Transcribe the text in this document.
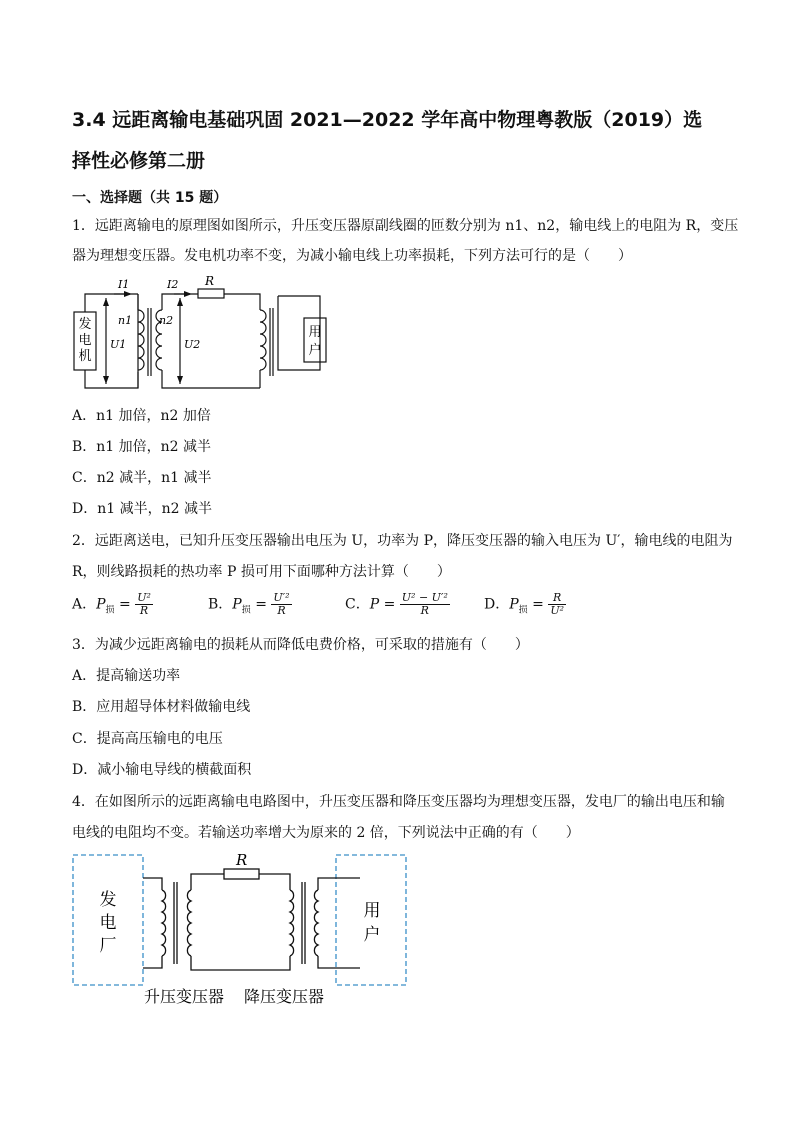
3.4 远距离输电基础巩固 2021—2022 学年高中物理粤教版（2019）选
择性必修第二册
一、选择题（共 15 题）
1．远距离输电的原理图如图所示，升压变压器原副线圈的匝数分别为 n1、n2，输电线上的电阻为 R，变压
器为理想变压器。发电机功率不变，为减小输电线上功率损耗，下列方法可行的是（　　）
发
电
机
用
户
I1	I2 R
n1 n2
U1	U2
A．n1 加倍，n2 加倍
B．n1 加倍，n2 减半
C．n2 减半，n1 减半
D．n1 减半，n2 减半
2．远距离送电，已知升压变压器输出电压为 U，功率为 P，降压变压器的输入电压为 U′，输电线的电阻为
R，则线路损耗的热功率 P 损可用下面哪种方法计算（　　）
A．$P_损 = \frac{\text{U²}}{R}$	B．$P_损 = \frac{\text{U′²}}{R}$	C．$P = \frac{\text{U² − U′²}}{R}$ D．$P_损 = \frac{R}{\text{U²}}$
3．为减少远距离输电的损耗从而降低电费价格，可采取的措施有（　　）
A．提高输送功率
B．应用超导体材料做输电线
C．提高高压输电的电压
D．减小输电导线的横截面积
4．在如图所示的远距离输电电路图中，升压变压器和降压变压器均为理想变压器，发电厂的输出电压和输
电线的电阻均不变。若输送功率增大为原来的 2 倍，下列说法中正确的有（　　）
发
电
厂
用
户
R
升压变压器 降压变压器
